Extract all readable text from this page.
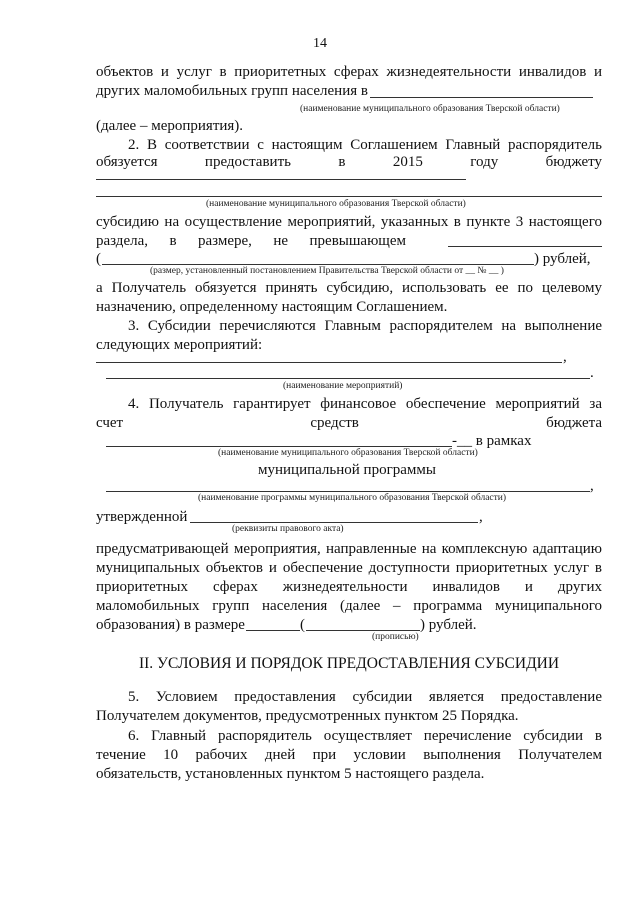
14
объектов и услуг в приоритетных сферах жизнедеятельности инвалидов и
других маломобильных групп населения в
(наименование муниципального образования Тверской области)
(далее – мероприятия).
2. В соответствии с настоящим Соглашением Главный распорядитель
обязуется	предоставить	в	2015	году	бюджету
(наименование муниципального образования Тверской области)
субсидию на осуществление мероприятий, указанных в пункте 3 настоящего
раздела, в размере, не превышающем
(	) рублей,
(размер, установленный постановлением Правительства Тверской области от __ № __ )
а Получатель обязуется принять субсидию, использовать ее по целевому
назначению, определенному настоящим Соглашением.
3. Субсидии перечисляются Главным распорядителем на выполнение
следующих мероприятий:
,
.
(наименование мероприятий)
4. Получатель гарантирует финансовое обеспечение мероприятий за
счет	средств	бюджета
-__ в рамках
(наименование муниципального образования Тверской области)
муниципальной программы
,
(наименование программы муниципального образования Тверской области)
утвержденной	,
(реквизиты правового акта)
предусматривающей мероприятия, направленные на комплексную адаптацию
муниципальных объектов и обеспечение доступности приоритетных услуг в
приоритетных сферах жизнедеятельности инвалидов и других
маломобильных групп населения (далее – программа муниципального
образования) в размере	(	) рублей.
(прописью)
II. УСЛОВИЯ И ПОРЯДОК ПРЕДОСТАВЛЕНИЯ СУБСИДИИ
5. Условием предоставления субсидии является предоставление
Получателем документов, предусмотренных пунктом 25 Порядка.
6. Главный распорядитель осуществляет перечисление субсидии в
течение 10 рабочих дней при условии выполнения Получателем
обязательств, установленных пунктом 5 настоящего раздела.
